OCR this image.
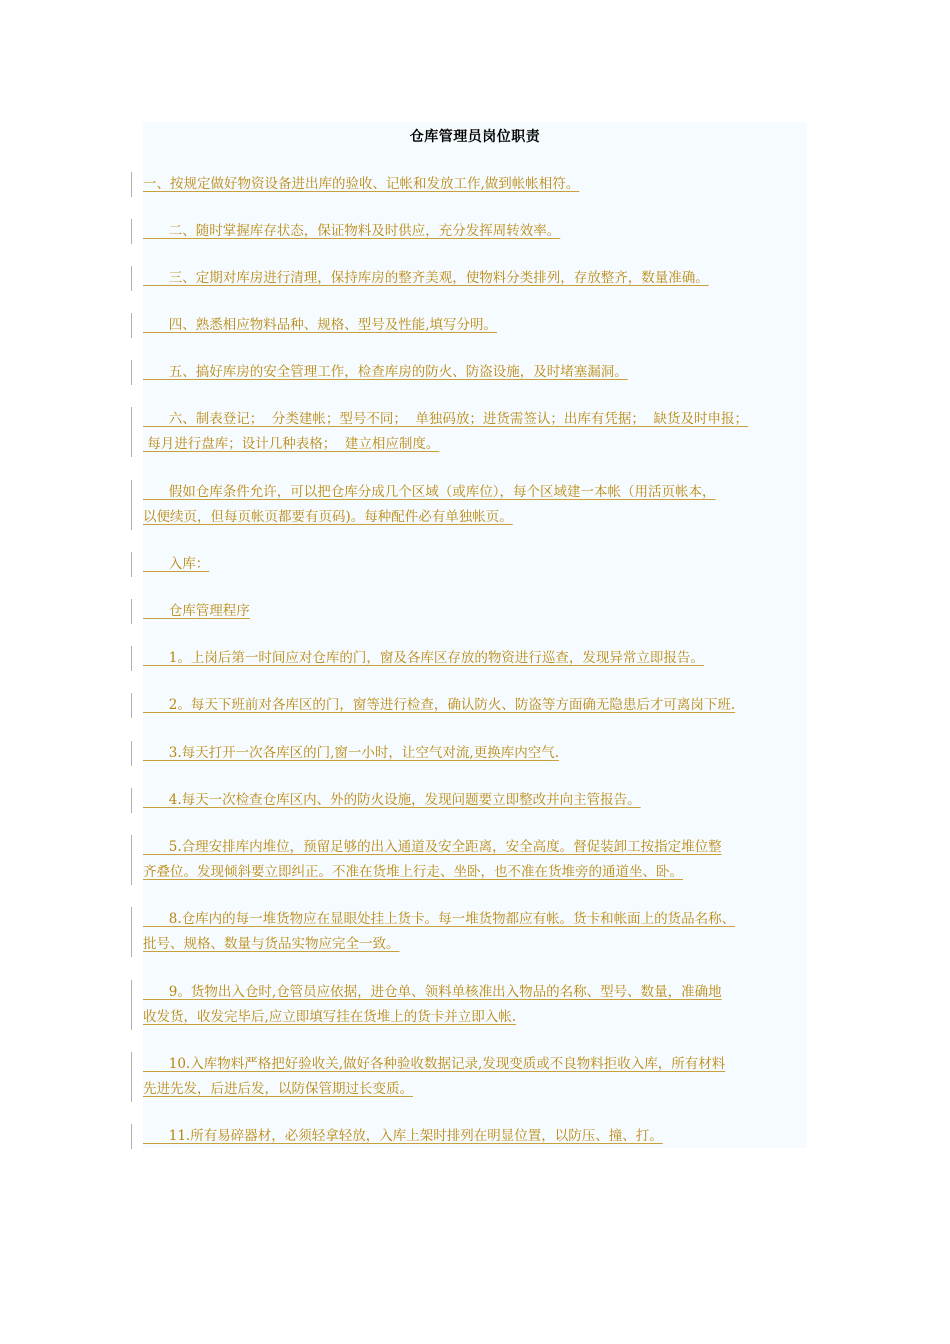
仓库管理员岗位职责
一、按规定做好物资设备进出库的验收、记帐和发放工作,做到帐帐相符。
二、随时掌握库存状态，保证物料及时供应，充分发挥周转效率。
三、定期对库房进行清理，保持库房的整齐美观，使物料分类排列，存放整齐，数量准确。
四、熟悉相应物料品种、规格、型号及性能,填写分明。
五、搞好库房的安全管理工作，检查库房的防火、防盗设施，及时堵塞漏洞。
六、制表登记；  分类建帐；型号不同；  单独码放；进货需签认；出库有凭据；  缺货及时申报；
每月进行盘库；设计几种表格；  建立相应制度。
假如仓库条件允许，可以把仓库分成几个区域（或库位），每个区域建一本帐（用活页帐本，
以便续页，但每页帐页都要有页码)。每种配件必有单独帐页。
入库：
仓库管理程序
1。上岗后第一时间应对仓库的门，窗及各库区存放的物资进行巡查，发现异常立即报告。
2。每天下班前对各库区的门，窗等进行检查，确认防火、防盗等方面确无隐患后才可离岗下班.
3.每天打开一次各库区的门,窗一小时，让空气对流,更换库内空气.
4.每天一次检查仓库区内、外的防火设施，发现问题要立即整改并向主管报告。
5.合理安排库内堆位，预留足够的出入通道及安全距离，安全高度。督促装卸工按指定堆位整
齐叠位。发现倾斜要立即纠正。不准在货堆上行走、坐卧，也不准在货堆旁的通道坐、卧。
8.仓库内的每一堆货物应在显眼处挂上货卡。每一堆货物都应有帐。货卡和帐面上的货品名称、
批号、规格、数量与货品实物应完全一致。
9。货物出入仓时,仓管员应依据，进仓单、领料单核准出入物品的名称、型号、数量，准确地
收发货，收发完毕后,应立即填写挂在货堆上的货卡并立即入帐.
10.入库物料严格把好验收关,做好各种验收数据记录,发现变质或不良物料拒收入库，所有材料
先进先发，后进后发，以防保管期过长变质。
11.所有易碎器材，必须轻拿轻放，入库上架时排列在明显位置，以防压、撞、打。
